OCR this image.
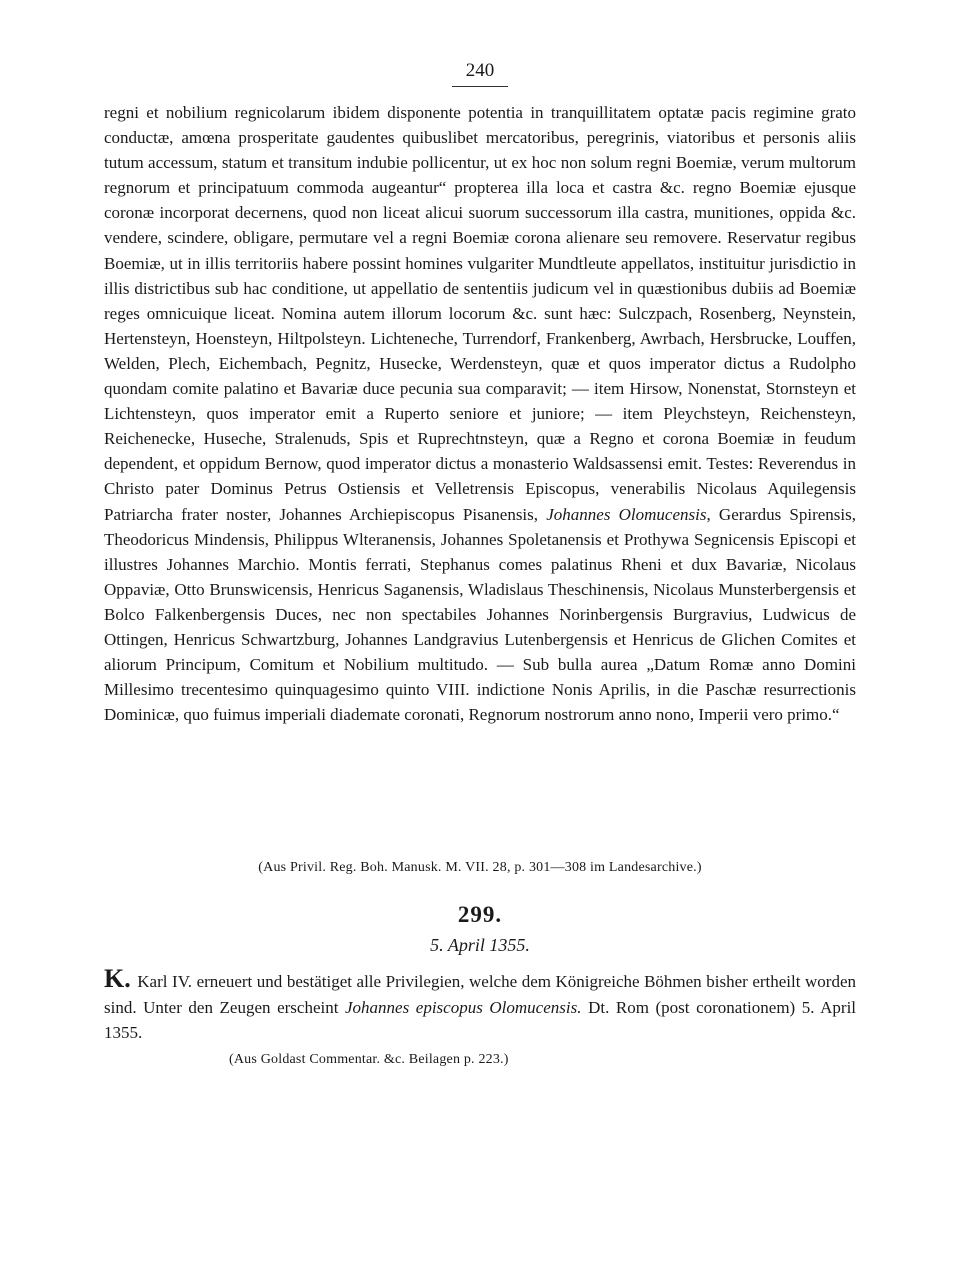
240

regni et nobilium regnicolarum ibidem disponente potentia in tranquillitatem optatæ pacis regimine grato conductæ, amœna prosperitate gaudentes quibuslibet mercatoribus, peregrinis, viatoribus et personis aliis tutum accessum, statum et transitum indubie pollicentur, ut ex hoc non solum regni Boemiæ, verum multorum regnorum et principatuum commoda augeantur“ propterea illa loca et castra &c. regno Boemiæ ejusque coronæ incorporat decernens, quod non liceat alicui suorum successorum illa castra, munitiones, oppida &c. vendere, scindere, obligare, permutare vel a regni Boemiæ corona alienare seu removere. Reservatur regibus Boemiæ, ut in illis territoriis habere possint homines vulgariter Mundtleute appellatos, instituitur jurisdictio in illis districtibus sub hac conditione, ut appellatio de sententiis judicum vel in quæstionibus dubiis ad Boemiæ reges omnicuique liceat. Nomina autem illorum locorum &c. sunt hæc: Sulczpach, Rosenberg, Neynstein, Hertensteyn, Hoensteyn, Hiltpolsteyn. Lichteneche, Turrendorf, Frankenberg, Awrbach, Hersbrucke, Louffen, Welden, Plech, Eichembach, Pegnitz, Husecke, Werdensteyn, quæ et quos imperator dictus a Rudolpho quondam comite palatino et Bavariæ duce pecunia sua comparavit; — item Hirsow, Nonenstat, Stornsteyn et Lichtensteyn, quos imperator emit a Ruperto seniore et juniore; — item Pleychsteyn, Reichensteyn, Reichenecke, Huseche, Stralenuds, Spis et Ruprechtnsteyn, quæ a Regno et corona Boemiæ in feudum dependent, et oppidum Bernow, quod imperator dictus a monasterio Waldsassensi emit. Testes: Reverendus in Christo pater Dominus Petrus Ostiensis et Velletrensis Episcopus, venerabilis Nicolaus Aquilegensis Patriarcha frater noster, Johannes Archiepiscopus Pisanensis, Johannes Olomucensis, Gerardus Spirensis, Theodoricus Mindensis, Philippus Wlteranensis, Johannes Spoletanensis et Prothywa Segnicensis Episcopi et illustres Johannes Marchio. Montis ferrati, Stephanus comes palatinus Rheni et dux Bavariæ, Nicolaus Oppaviæ, Otto Brunswicensis, Henricus Saganensis, Wladislaus Theschinensis, Nicolaus Munsterbergensis et Bolco Falkenbergensis Duces, nec non spectabiles Johannes Norinbergensis Burgravius, Ludwicus de Ottingen, Henricus Schwartzburg, Johannes Landgravius Lutenbergensis et Henricus de Glichen Comites et aliorum Principum, Comitum et Nobilium multitudo. — Sub bulla aurea „Datum Romæ anno Domini Millesimo trecentesimo quinquagesimo quinto VIII. indictione Nonis Aprilis, in die Paschæ resurrectionis Dominicæ, quo fuimus imperiali diademate coronati, Regnorum nostrorum anno nono, Imperii vero primo.“

(Aus Privil. Reg. Boh. Manusk. M. VII. 28, p. 301—308 im Landesarchive.)
299.
5. April 1355.

K. Karl IV. erneuert und bestätiget alle Privilegien, welche dem Königreiche Böhmen bisher ertheilt worden sind. Unter den Zeugen erscheint Johannes episcopus Olomucensis. Dt. Rom (post coronationem) 5. April 1355.

(Aus Goldast Commentar. &c. Beilagen p. 223.)
